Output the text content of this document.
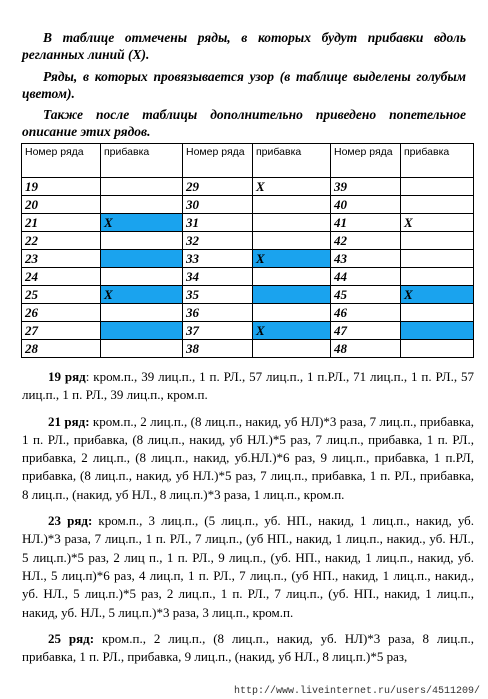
В таблице отмечены ряды, в которых будут прибавки вдоль регланных линий (Х).

Ряды, в которых провязывается узор (в таблице выделены голубым цветом).

Также после таблицы дополнительно приведено попетельное описание этих рядов.

Номер ряда	прибавка	Номер ряда	прибавка	Номер ряда	прибавка
19		29	X	39	
20		30		40	
21	X	31		41	X
22		32		42	
23		33	X	43	
24		34		44	
25	X	35		45	X
26		36		46	
27		37	X	47	
28		38		48	

19 ряд: кром.п., 39 лиц.п., 1 п. РЛ., 57 лиц.п., 1 п.РЛ., 71 лиц.п., 1 п. РЛ., 57 лиц.п., 1 п. РЛ., 39 лиц.п., кром.п.

21 ряд: кром.п., 2 лиц.п., (8 лиц.п., накид, уб НЛ)*3 раза, 7 лиц.п., прибавка, 1 п. РЛ., прибавка, (8 лиц.п., накид, уб НЛ.)*5 раз, 7 лиц.п., прибавка, 1 п. РЛ., прибавка, 2 лиц.п., (8 лиц.п., накид, уб.НЛ.)*6 раз, 9 лиц.п., прибавка, 1 п.РЛ, прибавка, (8 лиц.п., накид, уб НЛ.)*5 раз, 7 лиц.п., прибавка, 1 п. РЛ., прибавка, 8 лиц.п., (накид, уб НЛ., 8 лиц.п.)*3 раза, 1 лиц.п., кром.п.

23 ряд: кром.п., 3 лиц.п., (5 лиц.п., уб. НП., накид, 1 лиц.п., накид, уб. НЛ.)*3 раза, 7 лиц.п., 1 п. РЛ., 7 лиц.п., (уб НП., накид, 1 лиц.п., накид., уб. НЛ., 5 лиц.п.)*5 раз, 2 лиц п., 1 п. РЛ., 9 лиц.п., (уб. НП., накид, 1 лиц.п., накид, уб. НЛ., 5 лиц.п)*6 раз, 4 лиц.п, 1 п. РЛ., 7 лиц.п., (уб НП., накид, 1 лиц.п., накид., уб. НЛ., 5 лиц.п.)*5 раз, 2 лиц.п., 1 п. РЛ., 7 лиц.п., (уб. НП., накид, 1 лиц.п., накид, уб. НЛ., 5 лиц.п.)*3 раза, 3 лиц.п., кром.п.

25 ряд: кром.п., 2 лиц.п., (8 лиц.п., накид, уб. НЛ)*3 раза, 8 лиц.п., прибавка, 1 п. РЛ., прибавка, 9 лиц.п., (накид, уб НЛ., 8 лиц.п.)*5 раз,

http://www.liveinternet.ru/users/4511209/
